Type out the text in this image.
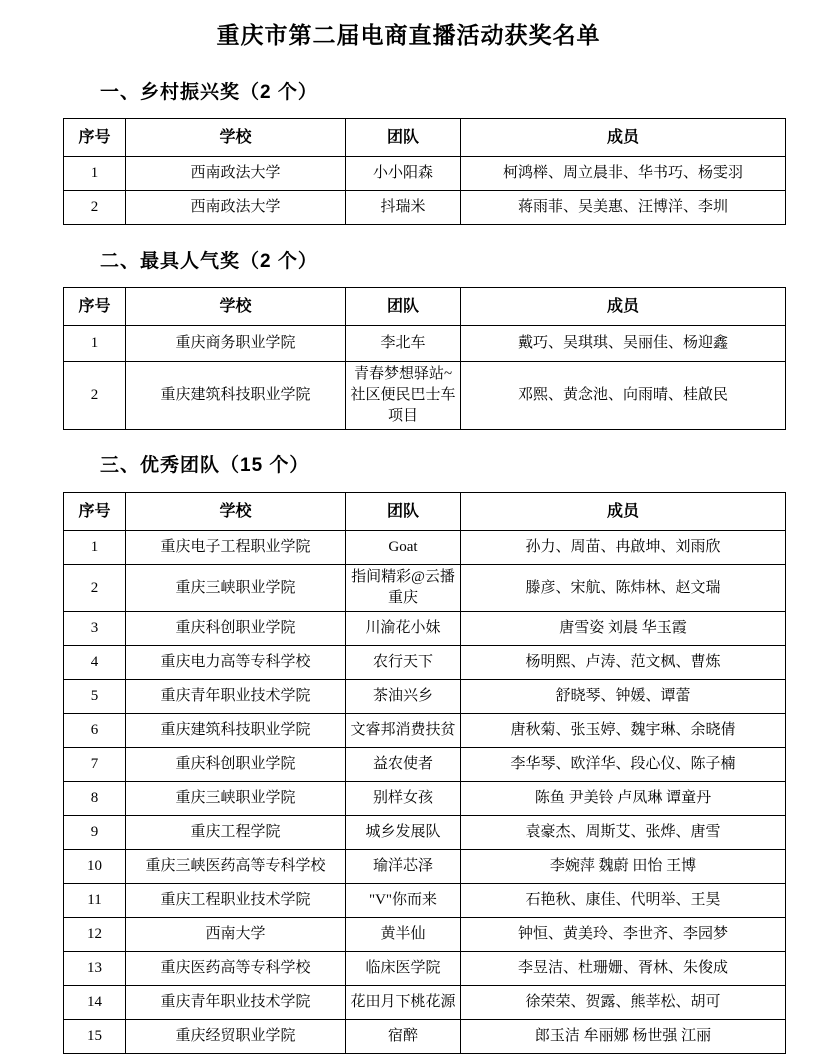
重庆市第二届电商直播活动获奖名单
一、乡村振兴奖（2 个）
序号	学校	团队	成员
1	西南政法大学	小小阳森	柯鸿榉、周立晨非、华书巧、杨雯羽
2	西南政法大学	抖瑞米	蒋雨菲、吴美惠、汪博洋、李圳
二、最具人气奖（2 个）
序号	学校	团队	成员
1	重庆商务职业学院	李北车	戴巧、吴琪琪、吴丽佳、杨迎鑫
2	重庆建筑科技职业学院	青春梦想驿站~社区便民巴士车项目	邓熙、黄念池、向雨晴、桂啟民
三、优秀团队（15 个）
序号	学校	团队	成员
1	重庆电子工程职业学院	Goat	孙力、周苗、冉啟坤、刘雨欣
2	重庆三峡职业学院	指间精彩@云播重庆	滕彦、宋航、陈炜林、赵文瑞
3	重庆科创职业学院	川渝花小妹	唐雪姿 刘晨 华玉霞
4	重庆电力高等专科学校	农行天下	杨明熙、卢涛、范文枫、曹炼
5	重庆青年职业技术学院	茶油兴乡	舒晓琴、钟媛、谭蕾
6	重庆建筑科技职业学院	文睿邦消费扶贫	唐秋菊、张玉婷、魏宇琳、余晓倩
7	重庆科创职业学院	益农使者	李华琴、欧洋华、段心仪、陈子楠
8	重庆三峡职业学院	别样女孩	陈鱼 尹美铃 卢凤琳 谭童丹
9	重庆工程学院	城乡发展队	袁豪杰、周斯艾、张烨、唐雪
10	重庆三峡医药高等专科学校	瑜洋芯泽	李婉萍 魏蔚 田怡 王博
11	重庆工程职业技术学院	"V"你而来	石艳秋、康佳、代明举、王昊
12	西南大学	黄半仙	钟恒、黄美玲、李世齐、李园梦
13	重庆医药高等专科学校	临床医学院	李昱洁、杜珊姗、胥林、朱俊成
14	重庆青年职业技术学院	花田月下桃花源	徐荣荣、贺露、熊莘松、胡可
15	重庆经贸职业学院	宿醉	郎玉洁 牟丽娜 杨世强 江丽
